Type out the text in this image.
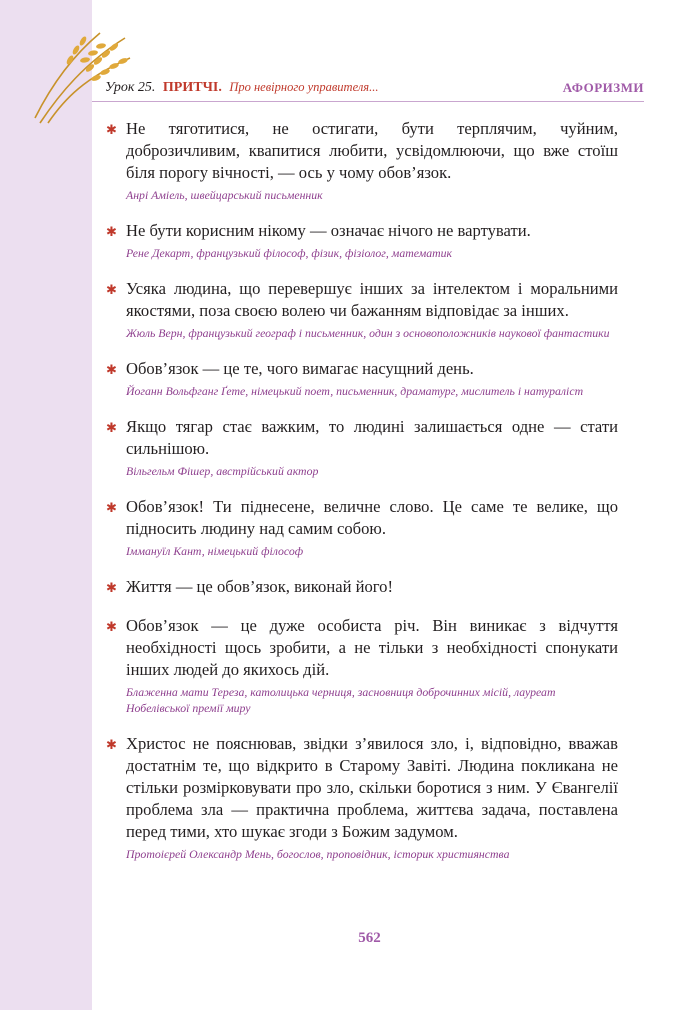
Урок 25. ПРИТЧІ. Про невірного управителя...	АФОРИЗМИ
✱ Не тяготитися, не остигати, бути терплячим, чуйним, доброзичливим, квапитися любити, усвідомлюючи, що вже стоїш біля порогу вічності, — ось у чому обов’язок.

Анрі Аміель, швейцарський письменник
✱ Не бути корисним нікому — означає нічого не вартувати.

Рене Декарт, французький філософ, фізик, фізіолог, математик
✱ Усяка людина, що перевершує інших за інтелектом і моральними якостями, поза своєю волею чи бажанням відповідає за інших.

Жюль Верн, французький географ і письменник, один з основоположників наукової фантастики
✱ Обов’язок — це те, чого вимагає насущний день.

Йоганн Вольфганг Ґете, німецький поет, письменник, драматург, мислитель і натураліст
✱ Якщо тягар стає важким, то людині залишається одне — стати сильнішою.

Вільгельм Фішер, австрійський актор
✱ Обов’язок! Ти піднесене, величне слово. Це саме те велике, що підносить людину над самим собою.

Іммануїл Кант, німецький філософ
✱ Життя — це обов’язок, виконай його!

✱ Обов’язок — це дуже особиста річ. Він виникає з відчуття необхідності щось зробити, а не тільки з необхідності спонукати інших людей до якихось дій.

Блаженна мати Тереза, католицька черниця, засновниця доброчинних місій, лауреат Нобелівської премії миру
✱ Христос не пояснював, звідки з’явилося зло, і, відповідно, вважав достатнім те, що відкрито в Старому Завіті. Людина покликана не стільки розмірковувати про зло, скільки боротися з ним. У Євангелії проблема зла — практична проблема, життєва задача, поставлена перед тими, хто шукає згоди з Божим задумом.

Протоієрей Олександр Мень, богослов, проповідник, історик християнства
562
